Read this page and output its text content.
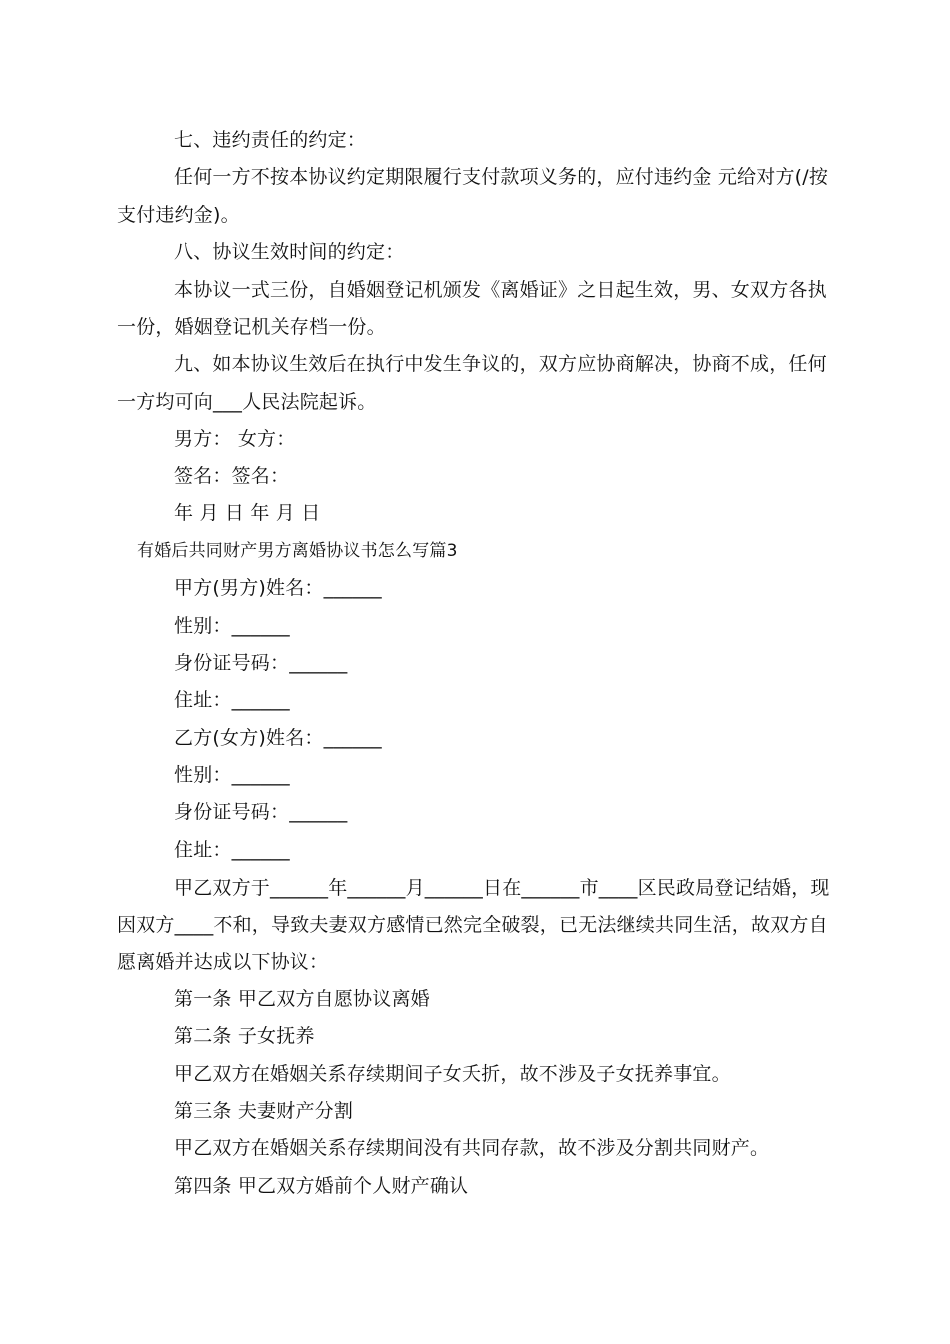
七、违约责任的约定：
任何一方不按本协议约定期限履行支付款项义务的，应付违约金 元给对方(/按
支付违约金)。
八、协议生效时间的约定：
本协议一式三份，自婚姻登记机颁发《离婚证》之日起生效，男、女双方各执
一份，婚姻登记机关存档一份。
九、如本协议生效后在执行中发生争议的，双方应协商解决，协商不成，任何
一方均可向___人民法院起诉。
男方： 女方：
签名：签名：
年 月 日 年 月 日
有婚后共同财产男方离婚协议书怎么写篇3
甲方(男方)姓名：______
性别：______
身份证号码：______
住址：______
乙方(女方)姓名：______
性别：______
身份证号码：______
住址：______
甲乙双方于______年______月______日在______市____区民政局登记结婚，现
因双方____不和，导致夫妻双方感情已然完全破裂，已无法继续共同生活，故双方自
愿离婚并达成以下协议：
第一条 甲乙双方自愿协议离婚
第二条 子女抚养
甲乙双方在婚姻关系存续期间子女夭折，故不涉及子女抚养事宜。
第三条 夫妻财产分割
甲乙双方在婚姻关系存续期间没有共同存款，故不涉及分割共同财产。
第四条 甲乙双方婚前个人财产确认
